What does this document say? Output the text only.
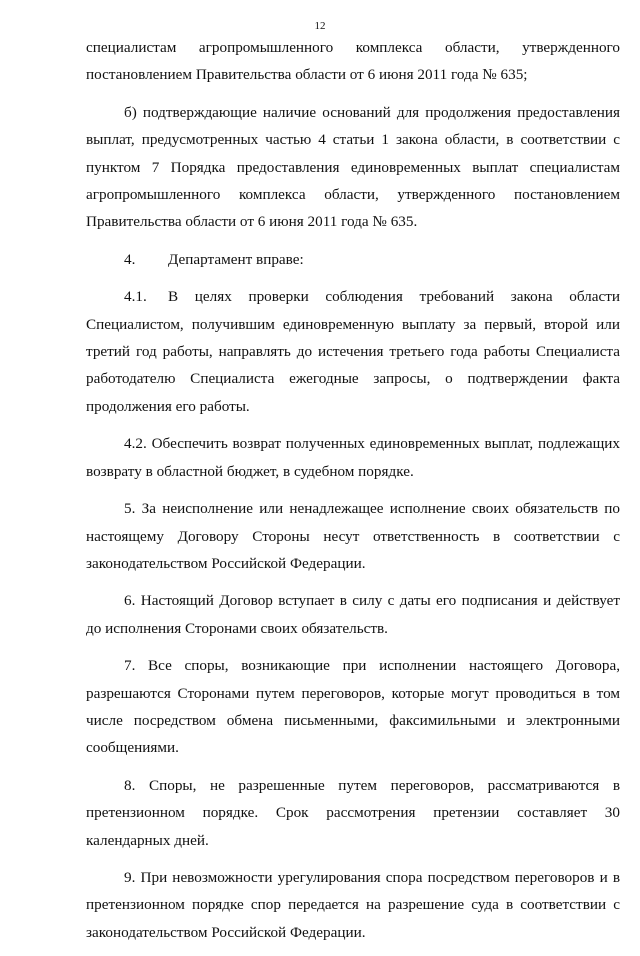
12

специалистам агропромышленного комплекса области, утвержденного постановлением Правительства области от 6 июня 2011 года № 635;

б) подтверждающие наличие оснований для продолжения предоставления выплат, предусмотренных частью 4 статьи 1 закона области, в соответствии с пунктом 7 Порядка предоставления единовременных выплат специалистам агропромышленного комплекса области, утвержденного постановлением Правительства области от 6 июня 2011 года № 635.

4. Департамент вправе:

4.1. В целях проверки соблюдения требований закона области Специалистом, получившим единовременную выплату за первый, второй или третий год работы, направлять до истечения третьего года работы Специалиста работодателю Специалиста ежегодные запросы, о подтверждении факта продолжения его работы.

4.2. Обеспечить возврат полученных единовременных выплат, подлежащих возврату в областной бюджет, в судебном порядке.

5. За неисполнение или ненадлежащее исполнение своих обязательств по настоящему Договору Стороны несут ответственность в соответствии с законодательством Российской Федерации.

6. Настоящий Договор вступает в силу с даты его подписания и действует до исполнения Сторонами своих обязательств.

7. Все споры, возникающие при исполнении настоящего Договора, разрешаются Сторонами путем переговоров, которые могут проводиться в том числе посредством обмена письменными, факсимильными и электронными сообщениями.

8. Споры, не разрешенные путем переговоров, рассматриваются в претензионном порядке. Срок рассмотрения претензии составляет 30 календарных дней.

9. При невозможности урегулирования спора посредством переговоров и в претензионном порядке спор передается на разрешение суда в соответствии с законодательством Российской Федерации.
